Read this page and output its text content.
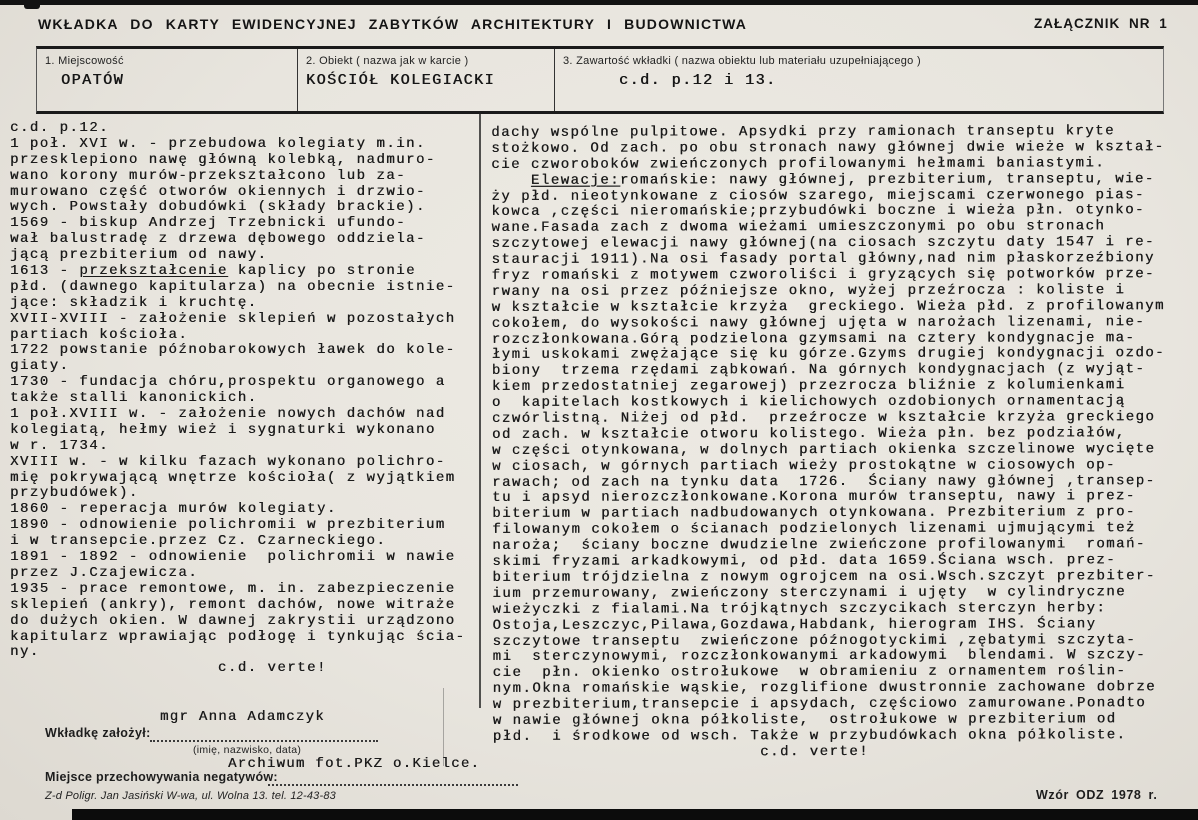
WKŁADKA DO KARTY EWIDENCYJNEJ ZABYTKÓW ARCHITEKTURY I BUDOWNICTWA	ZAŁĄCZNIK NR 1
1. Miejscowość
OPATÓW
2. Obiekt ( nazwa jak w karcie )
KOŚCIÓŁ KOLEGIACKI
3. Zawartość wkładki ( nazwa obiektu lub materiału uzupełniającego )
c.d. p.12 i 13.
c.d. p.12.
1 poł. XVI w. - przebudowa kolegiaty m.in.
przesklepiono nawę główną kolebką, nadmuro-
wano korony murów-przekształcono lub za-
murowano część otworów okiennych i drzwio-
wych. Powstały dobudówki (składy brackie).
1569 - biskup Andrzej Trzebnicki ufundo-
wał balustradę z drzewa dębowego oddziela-
jącą prezbiterium od nawy.
1613 - przekształcenie kaplicy po stronie
płd. (dawnego kapitularza) na obecnie istnie-
jące: składzik i kruchtę.
XVII-XVIII - założenie sklepień w pozostałych
partiach kościoła.
1722 powstanie późnobarokowych ławek do kole-
giaty.
1730 - fundacja chóru,prospektu organowego a
także stalli kanonickich.
1 poł.XVIII w. - założenie nowych dachów nad
kolegiatą, hełmy wież i sygnaturki wykonano
w r. 1734.
XVIII w. - w kilku fazach wykonano polichro-
mię pokrywającą wnętrze kościoła( z wyjątkiem
przybudówek).
1860 - reperacja murów kolegiaty.
1890 - odnowienie polichromii w prezbiterium
i w transepcie.przez Cz. Czarneckiego.
1891 - 1892 - odnowienie  polichromii w nawie
przez J.Czajewicza.
1935 - prace remontowe, m. in. zabezpieczenie
sklepień (ankry), remont dachów, nowe witraże
do dużych okien. W dawnej zakrystii urządzono
kapitularz wprawiając podłogę i tynkując ścia-
ny.
c.d. verte!
dachy wspólne pulpitowe. Apsydki przy ramionach transeptu kryte
stożkowo. Od zach. po obu stronach nawy głównej dwie wieże w kształ-
cie czworoboków zwieńczonych profilowanymi hełmami baniastymi.
Elewacje:romańskie: nawy głównej, prezbiterium, transeptu, wie-
ży płd. nieotynkowane z ciosów szarego, miejscami czerwonego pias-
kowca ,części nieromańskie;przybudówki boczne i wieża płn. otynko-
wane.Fasada zach z dwoma wieżami umieszczonymi po obu stronach
szczytowej elewacji nawy głównej(na ciosach szczytu daty 1547 i re-
stauracji 1911).Na osi fasady portal główny,nad nim płaskorzeźbiony
fryz romański z motywem czworoliści i gryzących się potworków prze-
rwany na osi przez późniejsze okno, wyżej przeźrocza : koliste i
w kształcie w kształcie krzyża  greckiego. Wieża płd. z profilowanym
cokołem, do wysokości nawy głównej ujęta w narożach lizenami, nie-
rozczłonkowana.Górą podzielona gzymsami na cztery kondygnacje ma-
łymi uskokami zwężające się ku górze.Gzyms drugiej kondygnacji ozdo-
biony  trzema rzędami ząbkowań. Na górnych kondygnacjach (z wyjąt-
kiem przedostatniej zegarowej) przezrocza bliźnie z kolumienkami
o  kapitelach kostkowych i kielichowych ozdobionych ornamentacją
czwórlistną. Niżej od płd.  przeźrocze w kształcie krzyża greckiego
od zach. w kształcie otworu kolistego. Wieża płn. bez podziałów,
w części otynkowana, w dolnych partiach okienka szczelinowe wycięte
w ciosach, w górnych partiach wieży prostokątne w ciosowych op-
rawach; od zach na tynku data  1726.  Ściany nawy głównej ,transep-
tu i apsyd nierozczłonkowane.Korona murów transeptu, nawy i prez-
biterium w partiach nadbudowanych otynkowana. Prezbiterium z pro-
filowanym cokołem o ścianach podzielonych lizenami ujmującymi też
naroża;  ściany boczne dwudzielne zwieńczone profilowanymi  romań-
skimi fryzami arkadkowymi, od płd. data 1659.Ściana wsch. prez-
biterium trójdzielna z nowym ogrojcem na osi.Wsch.szczyt prezbiter-
ium przemurowany, zwieńczony sterczynami i ujęty  w cylindryczne
wieżyczki z fialami.Na trójkątnych szczycikach sterczyn herby:
Ostoja,Leszczyc,Pilawa,Gozdawa,Habdank, hierogram IHS. Ściany
szczytowe transeptu  zwieńczone późnogotyckimi ,zębatymi szczyta-
mi  sterczynowymi, rozczłonkowanymi arkadowymi  blendami. W szczy-
cie  płn. okienko ostrołukowe  w obramieniu z ornamentem roślin-
nym.Okna romańskie wąskie, rozglifione dwustronnie zachowane dobrze
w prezbiterium,transepcie i apsydach, częściowo zamurowane.Ponadto
w nawie głównej okna półkoliste,  ostrołukowe w prezbiterium od
płd.  i środkowe od wsch. Także w przybudówkach okna półkoliste.
c.d. verte!
mgr Anna Adamczyk
Wkładkę założył:
(imię, nazwisko, data)
Archiwum fot.PKZ o.Kielce.
Miejsce przechowywania negatywów:
Z-d Poligr. Jan Jasiński W-wa, ul. Wolna 13. tel. 12-43-83	Wzór ODZ 1978 r.
